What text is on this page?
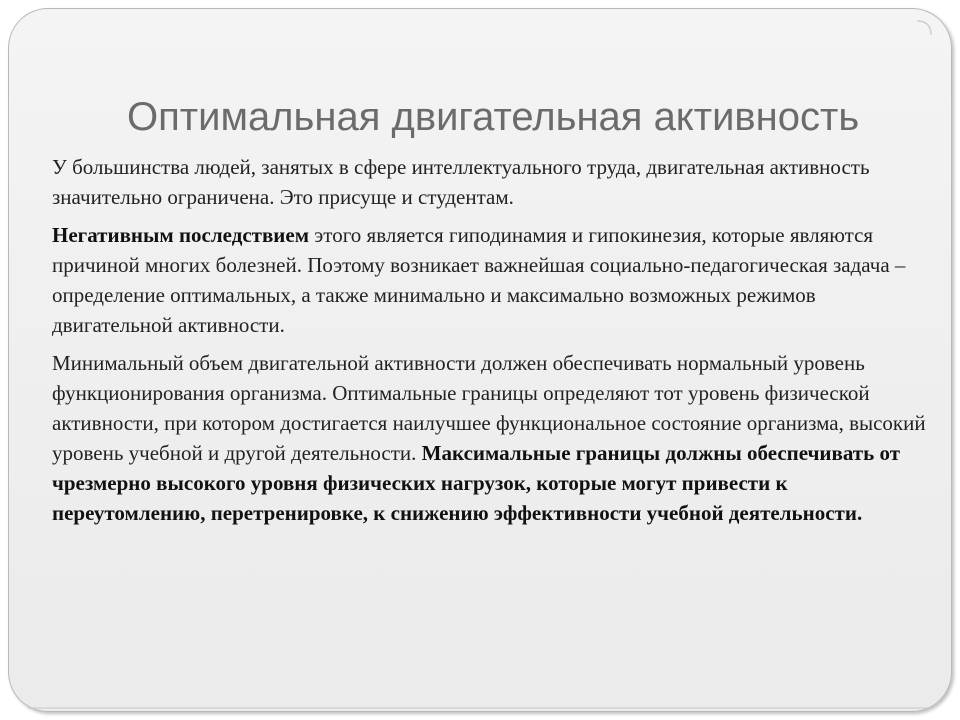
Оптимальная двигательная активность

У большинства людей, занятых в сфере интеллектуального труда, двигательная активность значительно ограничена. Это присуще и студентам.

Негативным последствием этого является гиподинамия и гипокинезия, которые являются причиной многих болезней. Поэтому возникает важнейшая социально-педагогическая задача – определение оптимальных, а также минимально и максимально возможных режимов двигательной активности.

Минимальный объем двигательной активности должен обеспечивать нормальный уровень функционирования организма. Оптимальные границы определяют тот уровень физической активности, при котором достигается наилучшее функциональное состояние организма, высокий уровень учебной и другой деятельности. Максимальные границы должны обеспечивать от чрезмерно высокого уровня физических нагрузок, которые могут привести к переутомлению, перетренировке, к снижению эффективности учебной деятельности.
